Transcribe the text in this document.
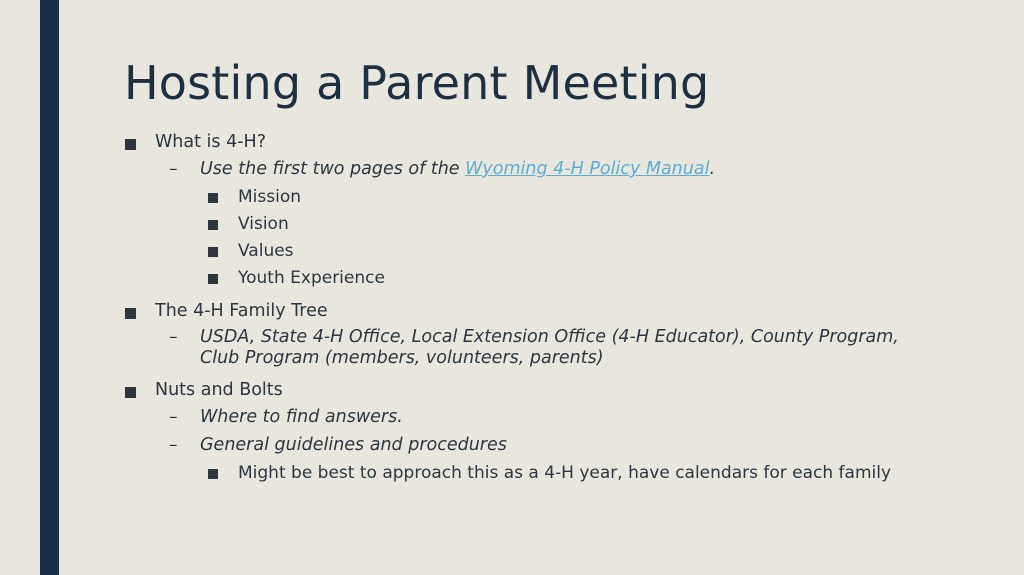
Hosting a Parent Meeting
What is 4-H?
– Use the first two pages of the Wyoming 4-H Policy Manual.
Mission
Vision
Values
Youth Experience
The 4-H Family Tree
– USDA, State 4-H Office, Local Extension Office (4-H Educator), County Program, Club Program (members, volunteers, parents)
Nuts and Bolts
– Where to find answers.
– General guidelines and procedures
Might be best to approach this as a 4-H year, have calendars for each family
